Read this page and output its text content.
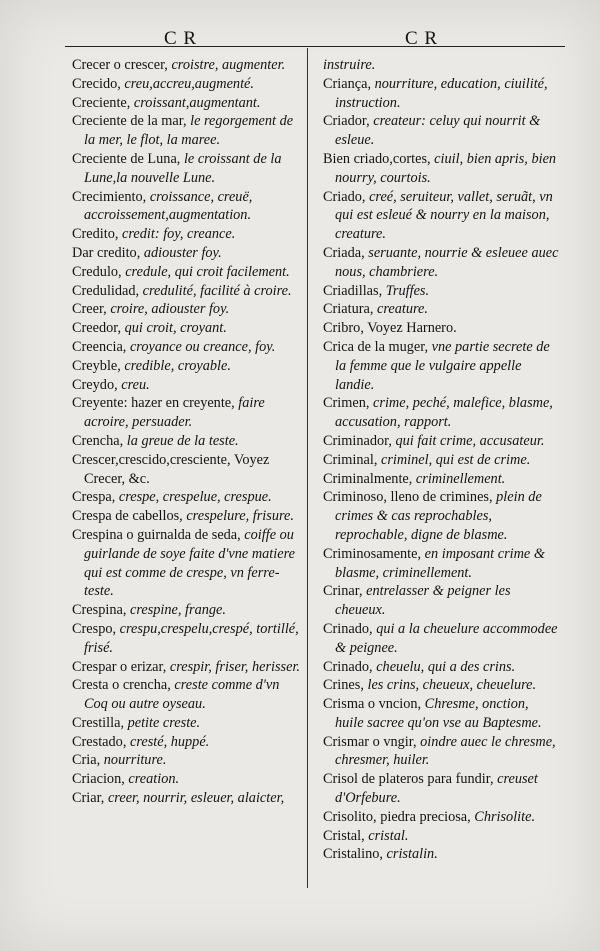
C R	C R
Crecer o crescer, croistre, augmenter.
Crecido, creu,accreu,augmenté.
Creciente, croissant,augmentant.
Creciente de la mar, le regorgement de la mer, le flot, la maree.
Creciente de Luna, le croissant de la Lune,la nouvelle Lune.
Crecimiento, croissance, creuë, accroissement,augmentation.
Credito, credit: foy, creance.
Dar credito, adiouster foy.
Credulo, credule, qui croit facilement.
Credulidad, credulité, facilité à croire.
Creer, croire, adiouster foy.
Creedor, qui croit, croyant.
Creencia, croyance ou creance, foy.
Creyble, credible, croyable.
Creydo, creu.
Creyente: hazer en creyente, faire acroire, persuader.
Crencha, la greue de la teste.
Crescer,crescido,cresciente, Voyez Crecer, &c.
Crespa, crespe, crespelue, crespue.
Crespa de cabellos, crespelure, frisure.
Crespina o guirnalda de seda, coiffe ou guirlande de soye faite d'vne matiere qui est comme de crespe, vn ferre-teste.
Crespina, crespine, frange.
Crespo, crespu,crespelu,crespé, tortillé, frisé.
Crespar o erizar, crespir, friser, herisser.
Cresta o crencha, creste comme d'vn Coq ou autre oyseau.
Crestilla, petite creste.
Crestado, cresté, huppé.
Cria, nourriture.
Criacion, creation.
Criar, creer, nourrir, esleuer, alaicter,
instruire.
Criança, nourriture, education, ciuilité, instruction.
Criador, createur: celuy qui nourrit & esleue.
Bien criado,cortes, ciuil, bien apris, bien nourry, courtois.
Criado, creé, seruiteur, vallet, seruãt, vn qui est esleué & nourry en la maison, creature.
Criada, seruante, nourrie & esleuee auec nous, chambriere.
Criadillas, Truffes.
Criatura, creature.
Cribro, Voyez Harnero.
Crica de la muger, vne partie secrete de la femme que le vulgaire appelle landie.
Crimen, crime, peché, malefice, blasme, accusation, rapport.
Criminador, qui fait crime, accusateur.
Criminal, criminel, qui est de crime.
Criminalmente, criminellement.
Criminoso, lleno de crimines, plein de crimes & cas reprochables, reprochable, digne de blasme.
Criminosamente, en imposant crime & blasme, criminellement.
Crinar, entrelasser & peigner les cheueux.
Crinado, qui a la cheuelure accommodee & peignee.
Crinado, cheuelu, qui a des crins.
Crines, les crins, cheueux, cheuelure.
Crisma o vncion, Chresme, onction, huile sacree qu'on vse au Baptesme.
Crismar o vngir, oindre auec le chresme, chresmer, huiler.
Crisol de plateros para fundir, creuset d'Orfebure.
Crisolito, piedra preciosa, Chrisolite.
Cristal, cristal.
Cristalino, cristalin.
